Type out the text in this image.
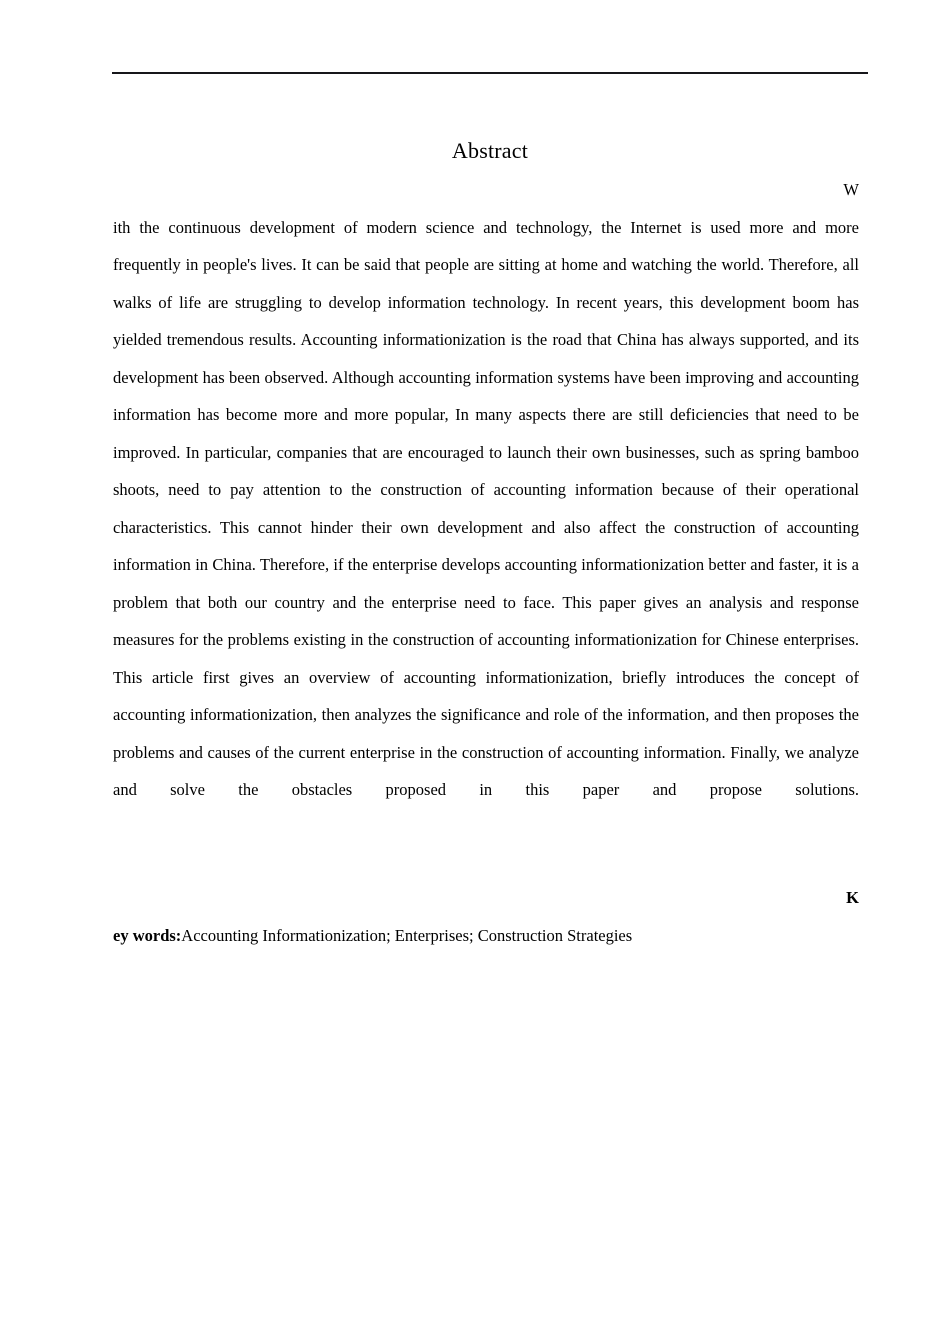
Abstract
W
ith the continuous development of modern science and technology, the Internet is used more and more frequently in people's lives. It can be said that people are sitting at home and watching the world. Therefore, all walks of life are struggling to develop information technology. In recent years, this development boom has yielded tremendous results. Accounting informationization is the road that China has always supported, and its development has been observed. Although accounting information systems have been improving and accounting information has become more and more popular, In many aspects there are still deficiencies that need to be improved. In particular, companies that are encouraged to launch their own businesses, such as spring bamboo shoots, need to pay attention to the construction of accounting information because of their operational characteristics. This cannot hinder their own development and also affect the construction of accounting information in China. Therefore, if the enterprise develops accounting informationization better and faster, it is a problem that both our country and the enterprise need to face. This paper gives an analysis and response measures for the problems existing in the construction of accounting informationization for Chinese enterprises. This article first gives an overview of accounting informationization, briefly introduces the concept of accounting informationization, then analyzes the significance and role of the information, and then proposes the problems and causes of the current enterprise in the construction of accounting information. Finally, we analyze and solve the obstacles proposed in this paper and propose solutions.
K
ey words:Accounting Informationization; Enterprises; Construction Strategies
